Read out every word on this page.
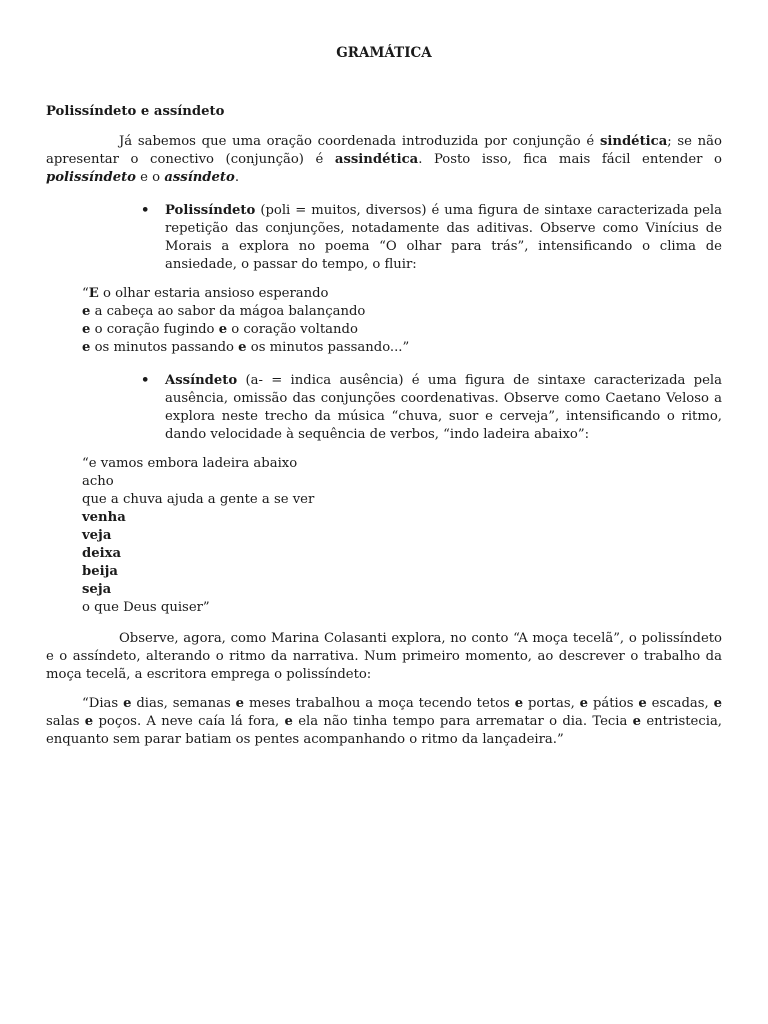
GRAMÁTICA
Polissíndeto e assíndeto
Já sabemos que uma oração coordenada introduzida por conjunção é sindética; se não apresentar o conectivo (conjunção) é assindética. Posto isso, fica mais fácil entender o polissíndeto e o assíndeto.
• Polissíndeto (poli = muitos, diversos) é uma figura de sintaxe caracterizada pela repetição das conjunções, notadamente das aditivas. Observe como Vinícius de Morais a explora no poema “O olhar para trás”, intensificando o clima de ansiedade, o passar do tempo, o fluir:
“E o olhar estaria ansioso esperando
e a cabeça ao sabor da mágoa balançando
e o coração fugindo e o coração voltando
e os minutos passando e os minutos passando...”
• Assíndeto (a- = indica ausência) é uma figura de sintaxe caracterizada pela ausência, omissão das conjunções coordenativas. Observe como Caetano Veloso a explora neste trecho da música “chuva, suor e cerveja”, intensificando o ritmo, dando velocidade à sequência de verbos, “indo ladeira abaixo”:
“e vamos embora ladeira abaixo
acho
que a chuva ajuda a gente a se ver
venha
veja
deixa
beija
seja
o que Deus quiser”
Observe, agora, como Marina Colasanti explora, no conto “A moça tecelã”, o polissíndeto e o assíndeto, alterando o ritmo da narrativa. Num primeiro momento, ao descrever o trabalho da moça tecelã, a escritora emprega o polissíndeto:
“Dias e dias, semanas e meses trabalhou a moça tecendo tetos e portas, e pátios e escadas, e salas e poços. A neve caía lá fora, e ela não tinha tempo para arrematar o dia. Tecia e entristecia, enquanto sem parar batiam os pentes acompanhando o ritmo da lançadeira.”
